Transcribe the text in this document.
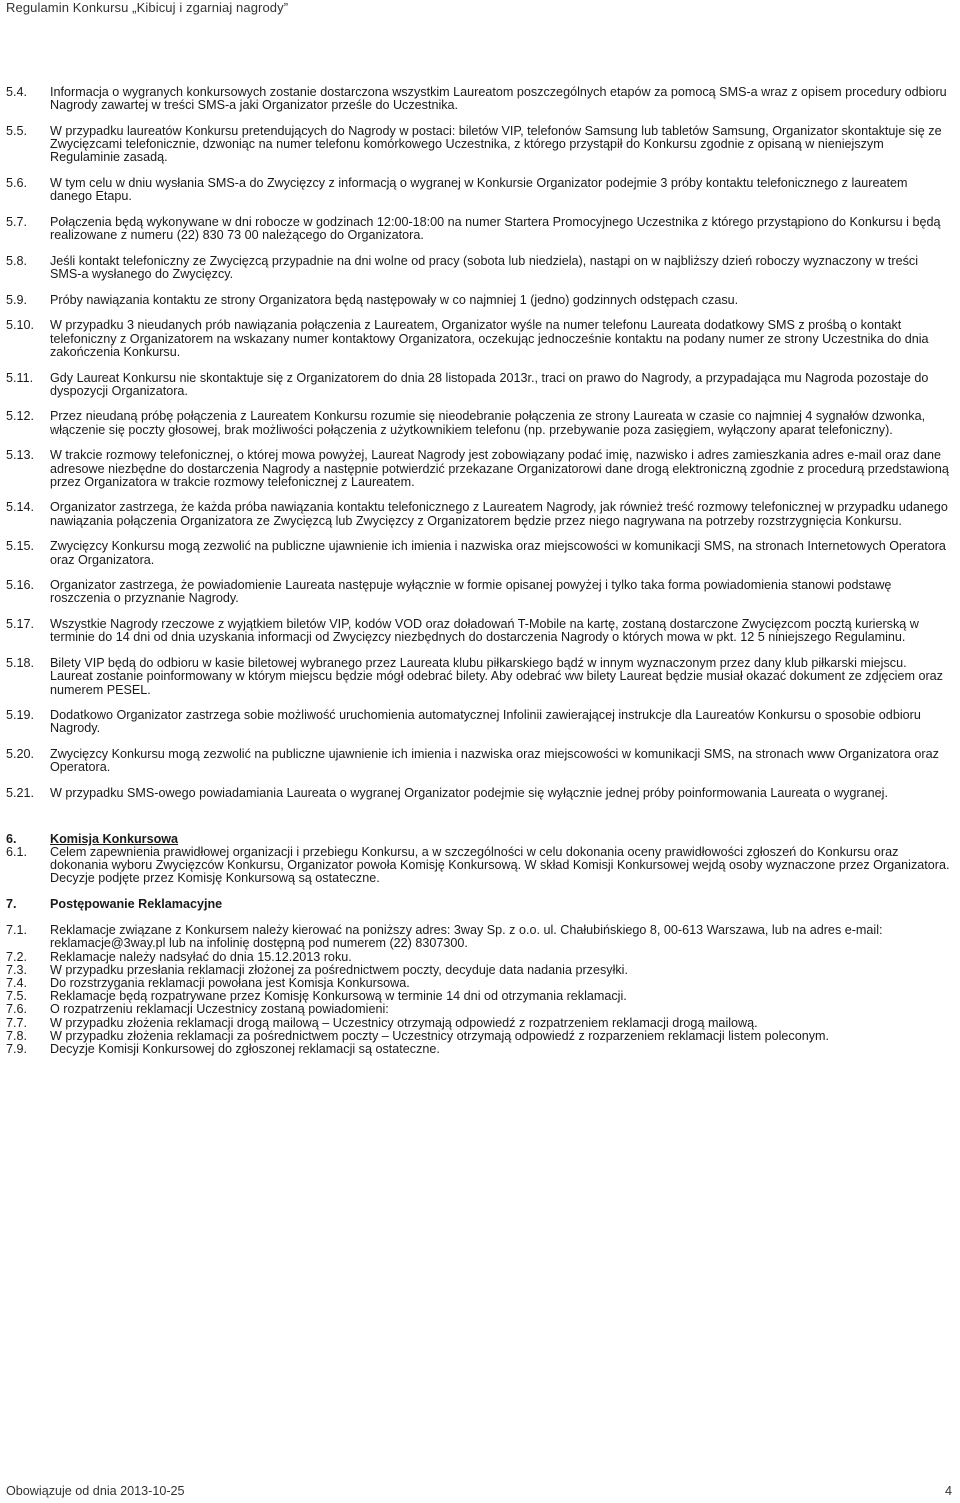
Regulamin Konkursu „Kibicuj i zgarniaj nagrody”
5.4.	Informacja o wygranych konkursowych zostanie dostarczona wszystkim Laureatom poszczególnych etapów za pomocą SMS-a wraz z opisem procedury odbioru Nagrody zawartej w treści SMS-a jaki Organizator prześle do Uczestnika.
5.5.	W przypadku laureatów Konkursu pretendujących do Nagrody w postaci: biletów VIP, telefonów Samsung lub tabletów Samsung, Organizator skontaktuje się ze Zwycięzcami telefonicznie, dzwoniąc na numer telefonu komórkowego Uczestnika, z którego przystąpił do Konkursu zgodnie z opisaną w nieniejszym Regulaminie zasadą.
5.6.	W tym celu w dniu wysłania SMS-a do Zwycięzcy z informacją o wygranej w Konkursie Organizator podejmie 3 próby kontaktu telefonicznego z laureatem danego Etapu.
5.7.	Połączenia będą wykonywane w dni robocze w godzinach 12:00-18:00 na numer Startera Promocyjnego Uczestnika z którego przystąpiono do Konkursu i będą realizowane z numeru (22) 830 73 00 należącego do Organizatora.
5.8.	Jeśli kontakt telefoniczny ze Zwycięzcą przypadnie na dni wolne od pracy (sobota lub niedziela), nastąpi on w najbliższy dzień roboczy wyznaczony w treści SMS-a wysłanego do Zwycięzcy.
5.9.	Próby nawiązania kontaktu ze strony Organizatora będą następowały w co najmniej 1 (jedno) godzinnych odstępach czasu.
5.10.	W przypadku 3 nieudanych prób nawiązania połączenia z Laureatem, Organizator wyśle na numer telefonu Laureata dodatkowy SMS z prośbą o kontakt telefoniczny z Organizatorem na wskazany numer kontaktowy Organizatora, oczekując jednocześnie kontaktu na podany numer ze strony Uczestnika do dnia zakończenia Konkursu.
5.11.	Gdy Laureat Konkursu nie skontaktuje się z Organizatorem do dnia 28 listopada 2013r., traci on prawo do Nagrody, a przypadająca mu Nagroda pozostaje do dyspozycji Organizatora.
5.12.	Przez nieudaną próbę połączenia z Laureatem Konkursu rozumie się nieodebranie połączenia ze strony Laureata w czasie co najmniej 4 sygnałów dzwonka, włączenie się poczty głosowej, brak możliwości połączenia z użytkownikiem telefonu (np. przebywanie poza zasięgiem, wyłączony aparat telefoniczny).
5.13.	W trakcie rozmowy telefonicznej, o której mowa powyżej, Laureat Nagrody jest zobowiązany podać imię, nazwisko i adres zamieszkania adres e-mail oraz dane adresowe niezbędne do dostarczenia Nagrody a następnie potwierdzić przekazane Organizatorowi dane drogą elektroniczną zgodnie z procedurą przedstawioną przez Organizatora w trakcie rozmowy telefonicznej z Laureatem.
5.14.	Organizator zastrzega, że każda próba nawiązania kontaktu telefonicznego z Laureatem Nagrody, jak również treść rozmowy telefonicznej w przypadku udanego nawiązania połączenia Organizatora ze Zwycięzcą lub Zwycięzcy z Organizatorem będzie przez niego nagrywana na potrzeby rozstrzygnięcia Konkursu.
5.15.	Zwycięzcy Konkursu mogą zezwolić na publiczne ujawnienie ich imienia i nazwiska oraz miejscowości w komunikacji SMS, na stronach Internetowych Operatora oraz Organizatora.
5.16.	Organizator zastrzega, że powiadomienie Laureata następuje wyłącznie w formie opisanej powyżej i tylko taka forma powiadomienia stanowi podstawę roszczenia o przyznanie Nagrody.
5.17.	Wszystkie Nagrody rzeczowe z wyjątkiem biletów VIP, kodów VOD oraz doładowań T-Mobile na kartę, zostaną dostarczone Zwycięzcom pocztą kurierską w terminie do 14 dni od dnia uzyskania informacji od Zwycięzcy niezbędnych do dostarczenia Nagrody o których mowa w pkt. 12 5 niniejszego Regulaminu.
5.18.	Bilety VIP będą do odbioru w kasie biletowej wybranego przez Laureata klubu piłkarskiego bądź w innym wyznaczonym przez dany klub piłkarski miejscu. Laureat zostanie poinformowany w którym miejscu będzie mógł odebrać bilety. Aby odebrać ww bilety Laureat będzie musiał okazać dokument ze zdjęciem oraz numerem PESEL.
5.19.	Dodatkowo Organizator zastrzega sobie możliwość uruchomienia automatycznej Infolinii zawierającej instrukcje dla Laureatów Konkursu o sposobie odbioru Nagrody.
5.20.	Zwycięzcy Konkursu mogą zezwolić na publiczne ujawnienie ich imienia i nazwiska oraz miejscowości w komunikacji SMS, na stronach www Organizatora oraz Operatora.
5.21.	W przypadku SMS-owego powiadamiania Laureata o wygranej Organizator podejmie się wyłącznie jednej próby poinformowania Laureata o wygranej.
6.	Komisja Konkursowa
6.1.	Celem zapewnienia prawidłowej organizacji i przebiegu Konkursu, a w szczególności w celu dokonania oceny prawidłowości zgłoszeń do Konkursu oraz dokonania wyboru Zwycięzców Konkursu, Organizator powoła Komisję Konkursową. W skład Komisji Konkursowej wejdą osoby wyznaczone przez Organizatora. Decyzje podjęte przez Komisję Konkursową są ostateczne.
7.	Postępowanie Reklamacyjne
7.1.	Reklamacje związane z Konkursem należy kierować na poniższy adres: 3way Sp. z o.o. ul. Chałubińskiego 8, 00-613 Warszawa, lub na adres e-mail: reklamacje@3way.pl lub na infolinię dostępną pod numerem (22) 8307300.
7.2.	Reklamacje należy nadsyłać do dnia 15.12.2013 roku.
7.3.	W przypadku przesłania reklamacji złożonej za pośrednictwem poczty, decyduje data nadania przesyłki.
7.4.	Do rozstrzygania reklamacji powołana jest Komisja Konkursowa.
7.5.	Reklamacje będą rozpatrywane przez Komisję Konkursową w terminie 14 dni od otrzymania reklamacji.
7.6.	O rozpatrzeniu reklamacji Uczestnicy zostaną powiadomieni:
7.7.	W przypadku złożenia reklamacji drogą mailową – Uczestnicy otrzymają odpowiedź z rozpatrzeniem reklamacji drogą mailową.
7.8.	W przypadku złożenia reklamacji za pośrednictwem poczty – Uczestnicy otrzymają odpowiedź z rozparzeniem reklamacji listem poleconym.
7.9.	Decyzje Komisji Konkursowej do zgłoszonej reklamacji są ostateczne.
Obowiązuje od dnia 2013-10-25	4
